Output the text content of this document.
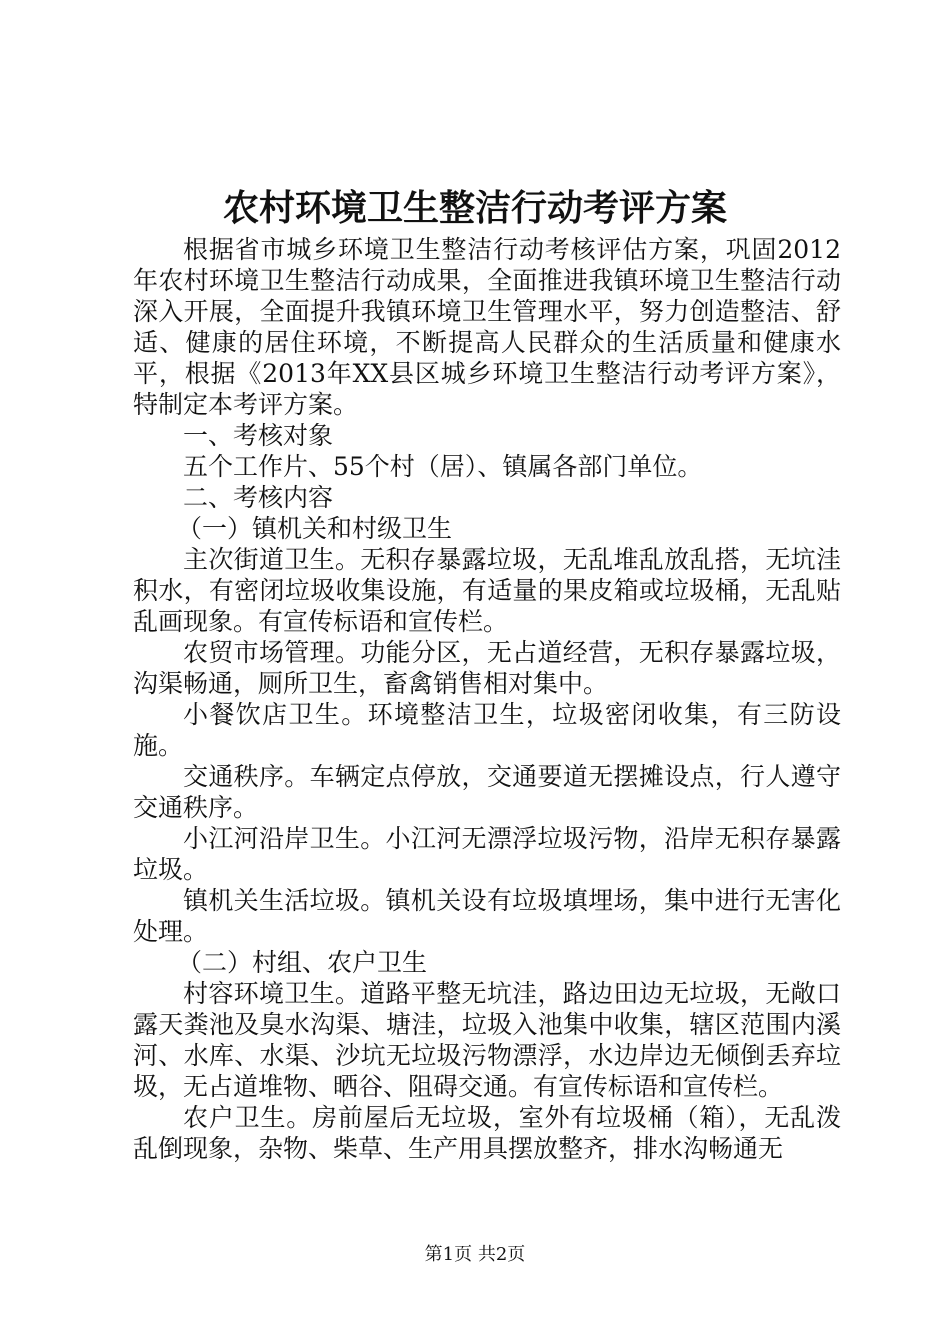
农村环境卫生整洁行动考评方案

根据省市城乡环境卫生整洁行动考核评估方案，巩固2012年农村环境卫生整洁行动成果，全面推进我镇环境卫生整洁行动深入开展，全面提升我镇环境卫生管理水平，努力创造整洁、舒适、健康的居住环境，不断提高人民群众的生活质量和健康水平，根据《2013年XX县区城乡环境卫生整洁行动考评方案》，特制定本考评方案。

一、考核对象

五个工作片、55个村（居）、镇属各部门单位。

二、考核内容

（一）镇机关和村级卫生

主次街道卫生。无积存暴露垃圾，无乱堆乱放乱搭，无坑洼积水，有密闭垃圾收集设施，有适量的果皮箱或垃圾桶，无乱贴乱画现象。有宣传标语和宣传栏。

农贸市场管理。功能分区，无占道经营，无积存暴露垃圾，沟渠畅通，厕所卫生，畜禽销售相对集中。

小餐饮店卫生。环境整洁卫生，垃圾密闭收集，有三防设施。

交通秩序。车辆定点停放，交通要道无摆摊设点，行人遵守交通秩序。

小江河沿岸卫生。小江河无漂浮垃圾污物，沿岸无积存暴露垃圾。

镇机关生活垃圾。镇机关设有垃圾填埋场，集中进行无害化处理。

（二）村组、农户卫生

村容环境卫生。道路平整无坑洼，路边田边无垃圾，无敞口露天粪池及臭水沟渠、塘洼，垃圾入池集中收集，辖区范围内溪河、水库、水渠、沙坑无垃圾污物漂浮，水边岸边无倾倒丢弃垃圾，无占道堆物、晒谷、阻碍交通。有宣传标语和宣传栏。

农户卫生。房前屋后无垃圾，室外有垃圾桶（箱），无乱泼乱倒现象，杂物、柴草、生产用具摆放整齐，排水沟畅通无

第1页 共2页
